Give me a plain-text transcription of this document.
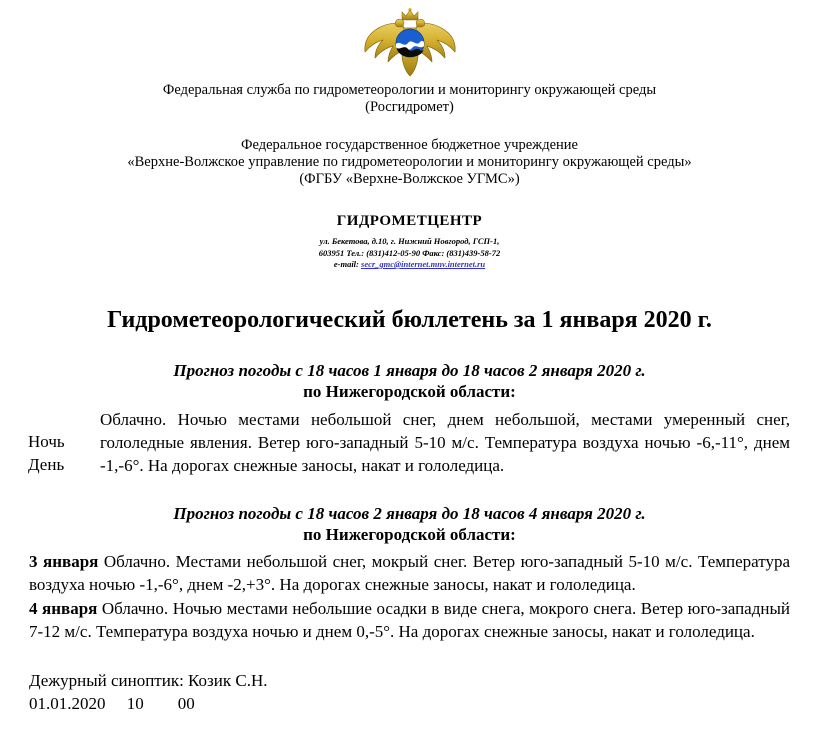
Федеральная служба по гидрометеорологии и мониторингу окружающей среды
(Росгидромет)
Федеральное государственное бюджетное учреждение
«Верхне-Волжское управление по гидрометеорологии и мониторингу окружающей среды»
(ФГБУ «Верхне-Волжское УГМС»)
ГИДРОМЕТЦЕНТР
ул. Бекетова, д.10, г. Нижний Новгород, ГСП-1,
603951 Тел.: (831)412-05-90 Факс: (831)439-58-72
e-mail: secr_gmc@internet.mnv.internet.ru
Гидрометеорологический бюллетень за 1 января 2020 г.
Прогноз погоды с 18 часов 1 января до 18 часов 2 января 2020 г.
по Нижегородской области:
Ночь
День
Облачно. Ночью местами небольшой снег, днем небольшой, местами умеренный снег, гололедные явления. Ветер юго-западный 5-10 м/с. Температура воздуха ночью -6,-11°, днем -1,-6°. На дорогах снежные заносы, накат и гололедица.
Прогноз погоды с 18 часов 2 января до 18 часов 4 января 2020 г.
по Нижегородской области:

3 января Облачно. Местами небольшой снег, мокрый снег. Ветер юго-западный 5-10 м/с. Температура воздуха ночью -1,-6°, днем -2,+3°. На дорогах снежные заносы, накат и гололедица.

4 января Облачно. Ночью местами небольшие осадки в виде снега, мокрого снега. Ветер юго-западный 7-12 м/с. Температура воздуха ночью и днем 0,-5°. На дорогах снежные заносы, накат и гололедица.

Дежурный синоптик: Козик С.Н.
01.01.2020     10        00
